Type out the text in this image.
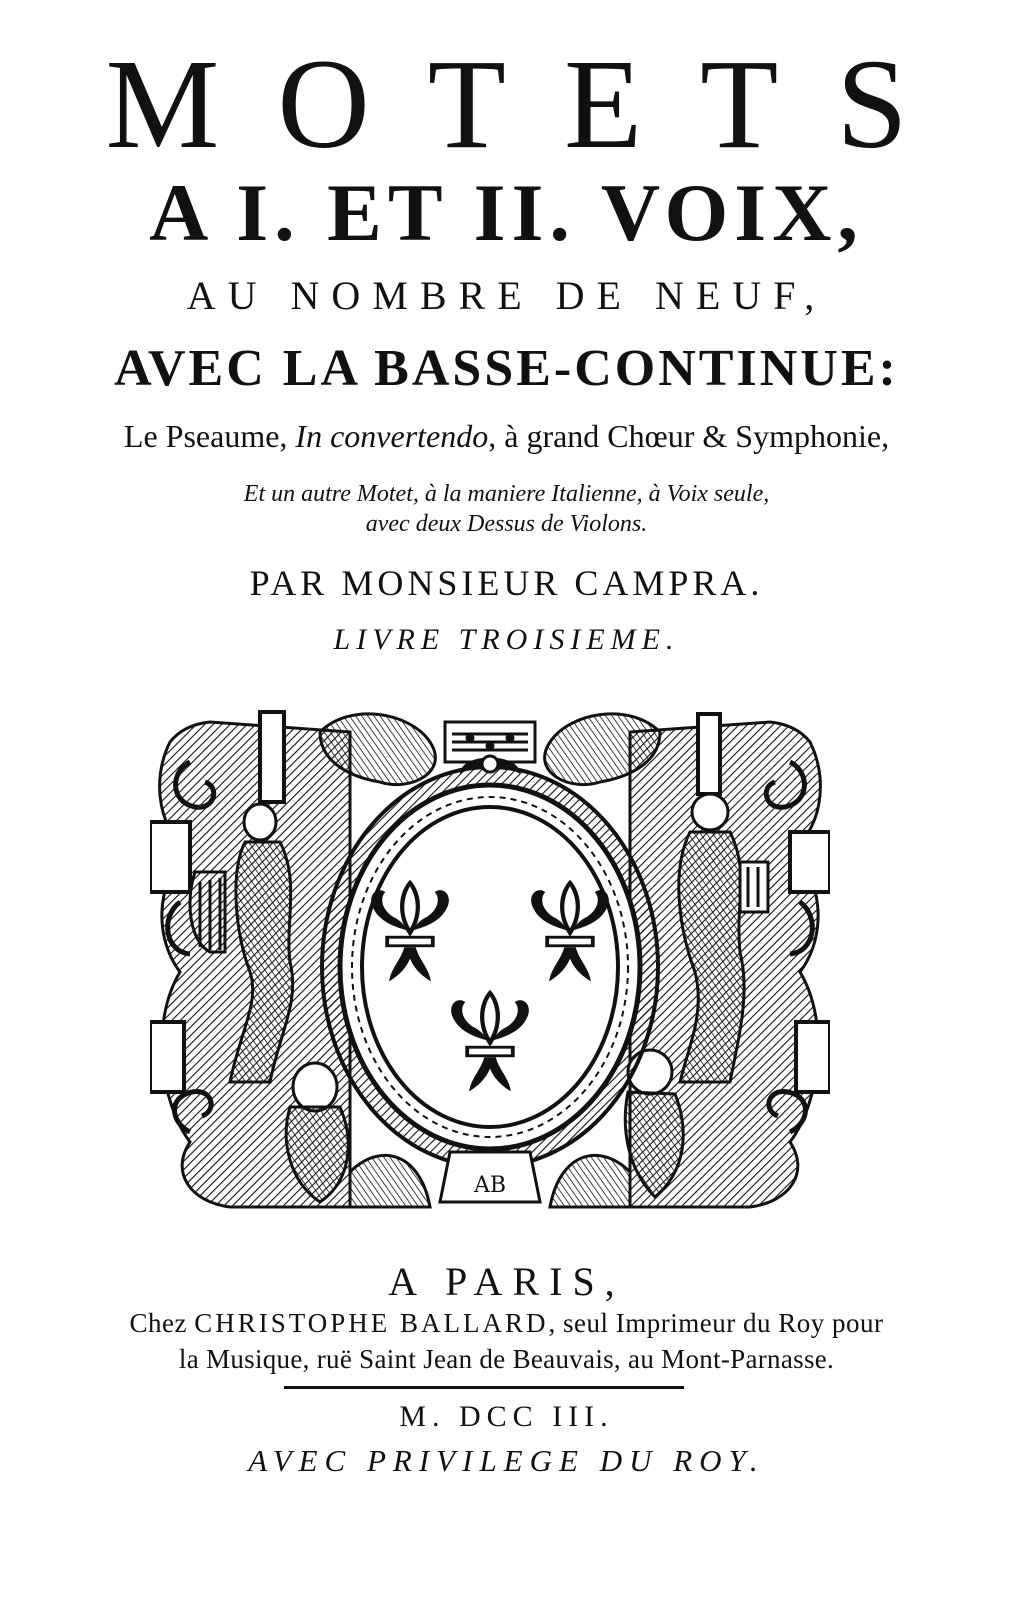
MOTETS
A I. ET II. VOIX,
AU NOMBRE DE NEUF,
AVEC LA BASSE-CONTINUE:
Le Pseaume, In convertendo, à grand Chœur & Symphonie,
Et un autre Motet, à la maniere Italienne, à Voix seule,
avec deux Dessus de Violons.
PAR MONSIEUR CAMPRA.
LIVRE TROISIEME.
AB
A PARIS,
Chez CHRISTOPHE BALLARD, seul Imprimeur du Roy pour
la Musique, ruë Saint Jean de Beauvais, au Mont-Parnasse.
M. DCC III.
AVEC PRIVILEGE DU ROY.
